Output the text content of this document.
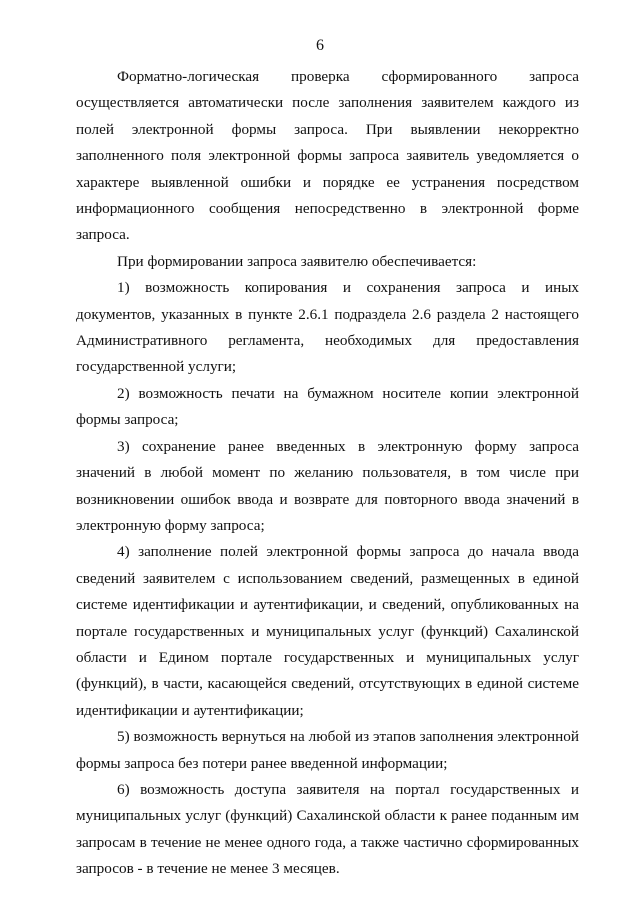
6

Форматно-логическая проверка сформированного запроса осуществляется автоматически после заполнения заявителем каждого из полей электронной формы запроса. При выявлении некорректно заполненного поля электронной формы запроса заявитель уведомляется о характере выявленной ошибки и порядке ее устранения посредством информационного сообщения непосредственно в электронной форме запроса.

При формировании запроса заявителю обеспечивается:

1) возможность копирования и сохранения запроса и иных документов, указанных в пункте 2.6.1 подраздела 2.6 раздела 2 настоящего Административного регламента, необходимых для предоставления государственной услуги;

2) возможность печати на бумажном носителе копии электронной формы запроса;

3) сохранение ранее введенных в электронную форму запроса значений в любой момент по желанию пользователя, в том числе при возникновении ошибок ввода и возврате для повторного ввода значений в электронную форму запроса;

4) заполнение полей электронной формы запроса до начала ввода сведений заявителем с использованием сведений, размещенных в единой системе идентификации и аутентификации, и сведений, опубликованных на портале государственных и муниципальных услуг (функций) Сахалинской области и Едином портале государственных и муниципальных услуг (функций), в части, касающейся сведений, отсутствующих в единой системе идентификации и аутентификации;

5) возможность вернуться на любой из этапов заполнения электронной формы запроса без потери ранее введенной информации;

6) возможность доступа заявителя на портал государственных и муниципальных услуг (функций) Сахалинской области к ранее поданным им запросам в течение не менее одного года, а также частично сформированных запросов - в течение не менее 3 месяцев.
